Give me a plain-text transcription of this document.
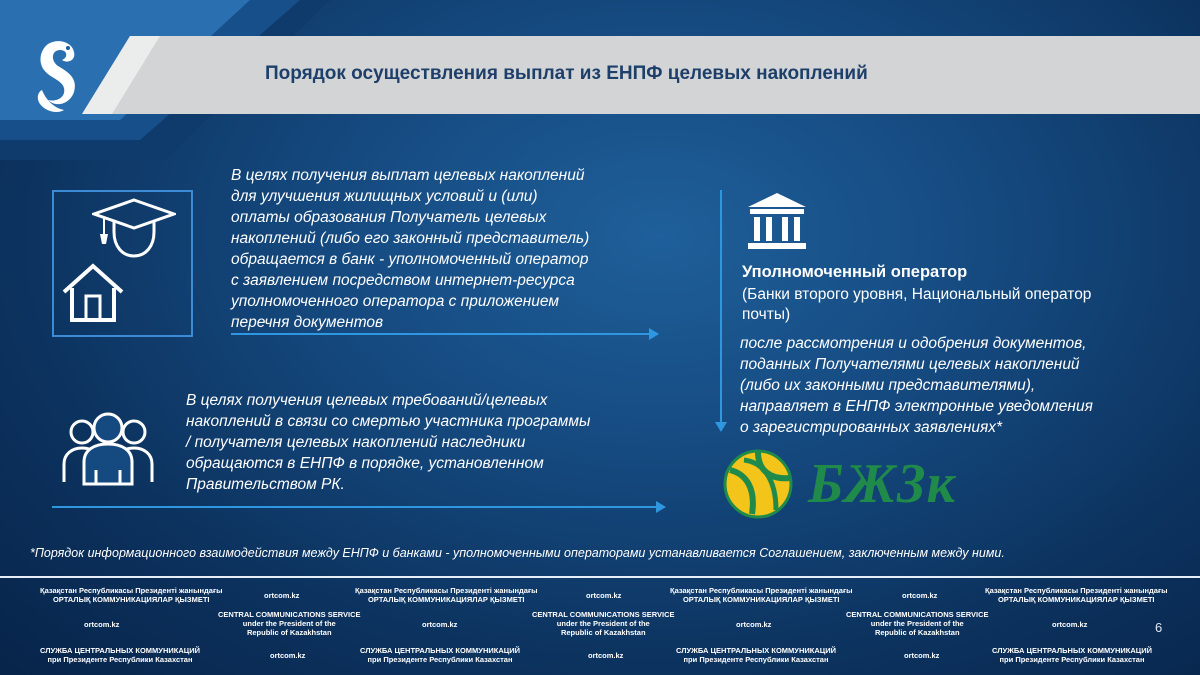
Порядок осуществления выплат из ЕНПФ целевых накоплений
В целях получения выплат целевых накоплений
для улучшения жилищных условий и (или)
оплаты образования Получатель целевых
накоплений (либо его законный представитель)
обращается в банк - уполномоченный оператор
с заявлением посредством интернет-ресурса
уполномоченного оператора с приложением
перечня документов
В целях получения целевых требований/целевых
накоплений в связи со смертью участника программы
/ получателя целевых накоплений наследники
обращаются в ЕНПФ в порядке, установленном
Правительством РК.
Уполномоченный оператор
(Банки второго уровня, Национальный оператор почты)
после рассмотрения и одобрения документов,
поданных Получателями целевых накоплений
(либо их законными представителями),
направляет в ЕНПФ электронные уведомления
о зарегистрированных заявлениях*
БЖЗк
*Порядок информационного взаимодействия между ЕНПФ и банками - уполномоченными операторами устанавливается Соглашением, заключенным между ними.
Қазақстан Республикасы Президенті жанындағы
ОРТАЛЫҚ КОММУНИКАЦИЯЛАР ҚЫЗМЕТІ	ortcom.kz
Қазақстан Республикасы Президенті жанындағы
ОРТАЛЫҚ КОММУНИКАЦИЯЛАР ҚЫЗМЕТІ	ortcom.kz
Қазақстан Республикасы Президенті жанындағы
ОРТАЛЫҚ КОММУНИКАЦИЯЛАР ҚЫЗМЕТІ	ortcom.kz
Қазақстан Республикасы Президенті жанындағы
ОРТАЛЫҚ КОММУНИКАЦИЯЛАР ҚЫЗМЕТІ
ortcom.kz
CENTRAL COMMUNICATIONS SERVICE
under the President of the
Republic of Kazakhstan
ortcom.kz
CENTRAL COMMUNICATIONS SERVICE
under the President of the
Republic of Kazakhstan
ortcom.kz
CENTRAL COMMUNICATIONS SERVICE
under the President of the
Republic of Kazakhstan
ortcom.kz
СЛУЖБА ЦЕНТРАЛЬНЫХ КОММУНИКАЦИЙ
при Президенте Республики Казахстан	ortcom.kz
СЛУЖБА ЦЕНТРАЛЬНЫХ КОММУНИКАЦИЙ
при Президенте Республики Казахстан	ortcom.kz
СЛУЖБА ЦЕНТРАЛЬНЫХ КОММУНИКАЦИЙ
при Президенте Республики Казахстан	ortcom.kz
СЛУЖБА ЦЕНТРАЛЬНЫХ КОММУНИКАЦИЙ
при Президенте Республики Казахстан
6
